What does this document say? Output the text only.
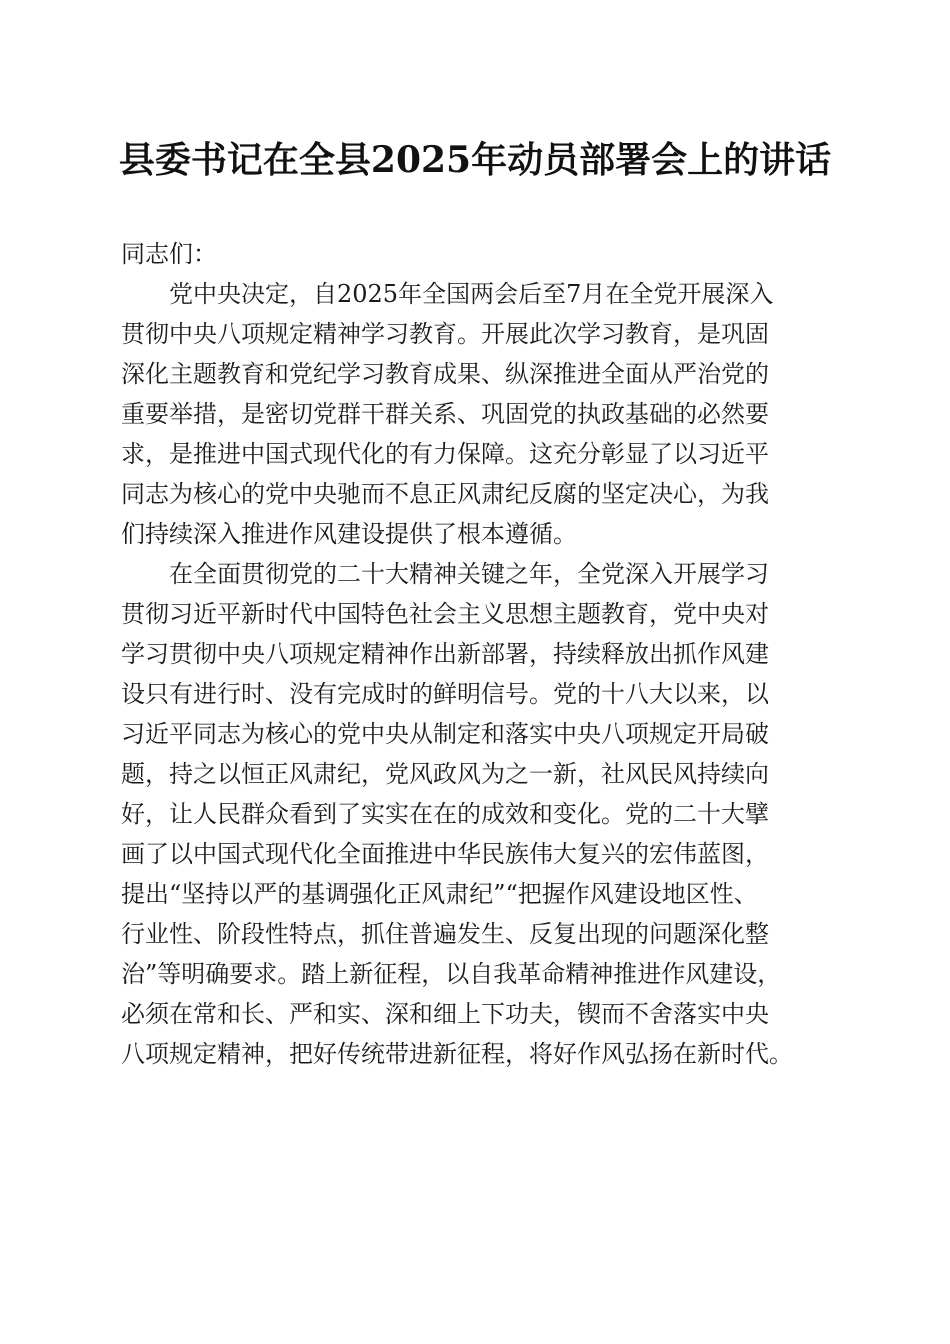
县委书记在全县2025年动员部署会上的讲话

同志们：

　　党中央决定，自2025年全国两会后至7月在全党开展深入
贯彻中央八项规定精神学习教育。开展此次学习教育，是巩固
深化主题教育和党纪学习教育成果、纵深推进全面从严治党的
重要举措，是密切党群干群关系、巩固党的执政基础的必然要
求，是推进中国式现代化的有力保障。这充分彰显了以习近平
同志为核心的党中央驰而不息正风肃纪反腐的坚定决心，为我
们持续深入推进作风建设提供了根本遵循。

　　在全面贯彻党的二十大精神关键之年，全党深入开展学习
贯彻习近平新时代中国特色社会主义思想主题教育，党中央对
学习贯彻中央八项规定精神作出新部署，持续释放出抓作风建
设只有进行时、没有完成时的鲜明信号。党的十八大以来，以
习近平同志为核心的党中央从制定和落实中央八项规定开局破
题，持之以恒正风肃纪，党风政风为之一新，社风民风持续向
好，让人民群众看到了实实在在的成效和变化。党的二十大擘
画了以中国式现代化全面推进中华民族伟大复兴的宏伟蓝图，
提出“坚持以严的基调强化正风肃纪”“把握作风建设地区性、
行业性、阶段性特点，抓住普遍发生、反复出现的问题深化整
治”等明确要求。踏上新征程，以自我革命精神推进作风建设，
必须在常和长、严和实、深和细上下功夫，锲而不舍落实中央
八项规定精神，把好传统带进新征程，将好作风弘扬在新时代。
